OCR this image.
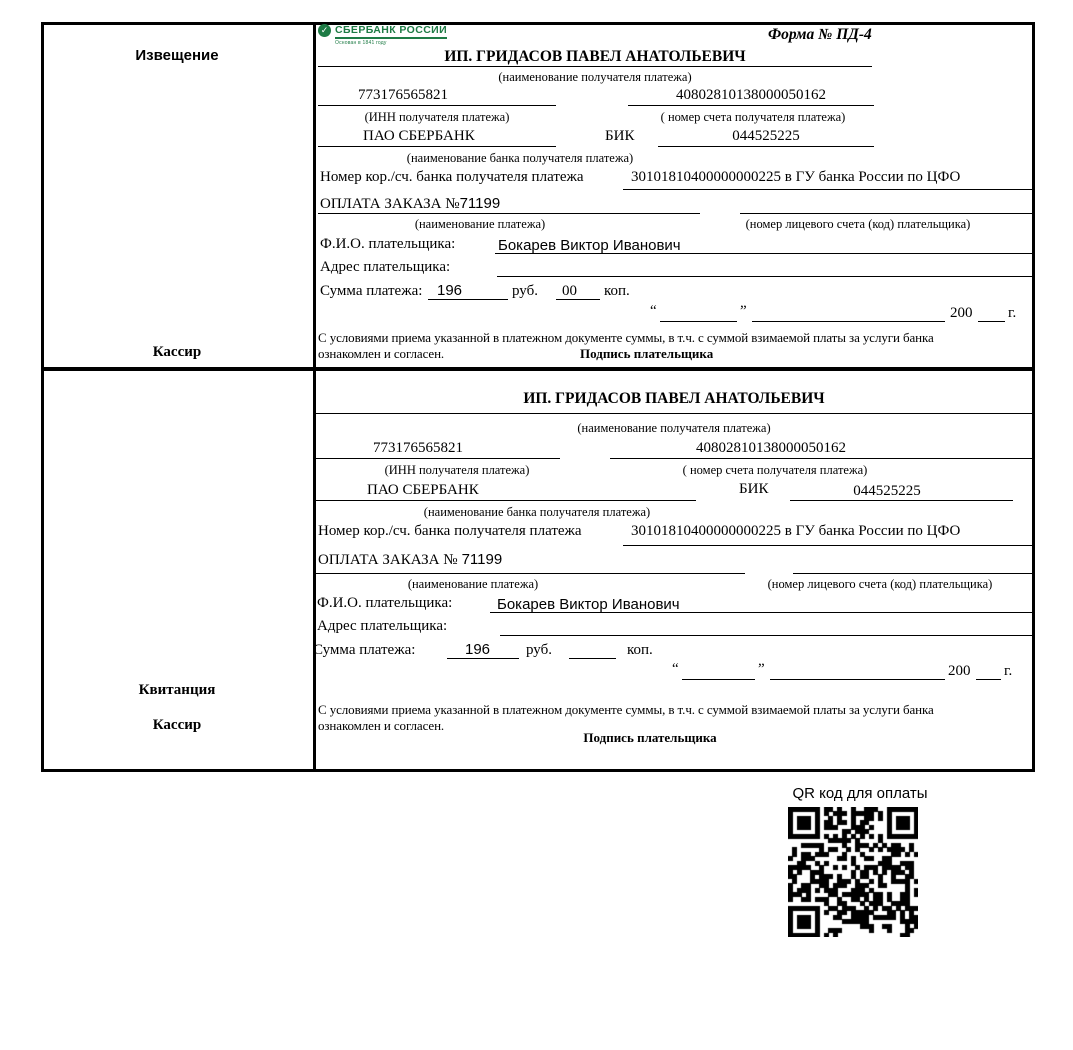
Извещение
Кассир
Квитанция
Кассир
✓ СБЕРБАНК РОССИИ
Основан в 1841 году	Форма № ПД-4
ИП. ГРИДАСОВ ПАВЕЛ АНАТОЛЬЕВИЧ
(наименование получателя платежа)
773176565821	40802810138000050162
(ИНН получателя платежа)	( номер счета получателя платежа)
ПАО СБЕРБАНК	БИК	044525225
(наименование банка получателя платежа)
Номер кор./сч. банка получателя платежа	30101810400000000225 в ГУ банка России по ЦФО
ОПЛАТА ЗАКАЗА №71199
(наименование платежа)	(номер лицевого счета (код) плательщика)
Ф.И.О. плательщика:	Бокарев Виктор Иванович
Адрес плательщика:
Сумма платежа: 196	руб. 00 коп.
“	”	200 г.
С условиями приема указанной в платежном документе суммы, в т.ч. с суммой взимаемой платы за услуги банка
ознакомлен и согласен.	Подпись плательщика
ИП. ГРИДАСОВ ПАВЕЛ АНАТОЛЬЕВИЧ
(наименование получателя платежа)
773176565821	40802810138000050162
(ИНН получателя платежа)	( номер счета получателя платежа)
ПАО СБЕРБАНК	БИК	044525225
(наименование банка получателя платежа)
Номер кор./сч. банка получателя платежа	30101810400000000225 в ГУ банка России по ЦФО
ОПЛАТА ЗАКАЗА № 71199
(наименование платежа)	(номер лицевого счета (код) плательщика)
Ф.И.О. плательщика:	Бокарев Виктор Иванович
Адрес плательщика:
Сумма платежа:	196 руб.	коп.
“	”	200 г.
С условиями приема указанной в платежном документе суммы, в т.ч. с суммой взимаемой платы за услуги банка
ознакомлен и согласен.
Подпись плательщика
QR код для оплаты
